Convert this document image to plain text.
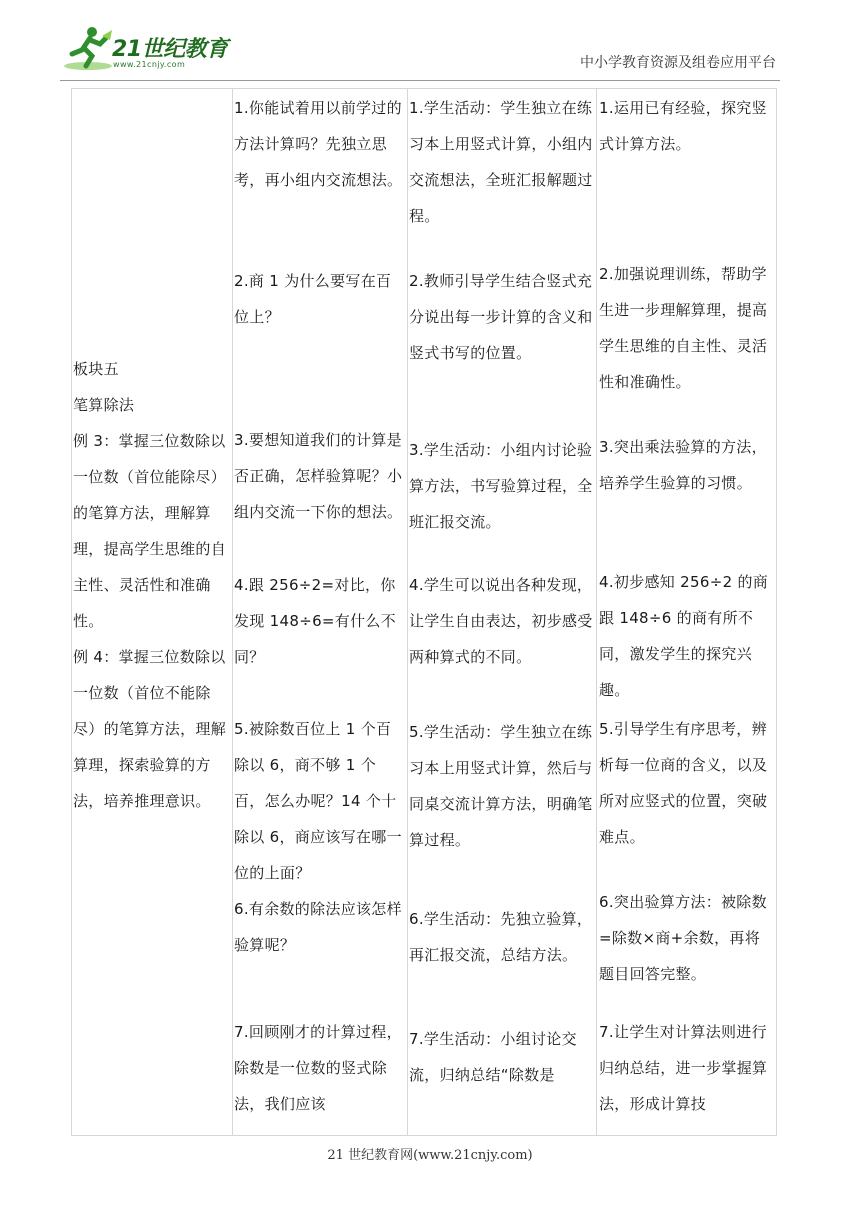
21世纪教育
www.21cnjy.com	中小学教育资源及组卷应用平台
板块五
笔算除法
例 3：掌握三位数除以一位数（首位能除尽）的笔算方法，理解算理，提高学生思维的自主性、灵活性和准确性。
例 4：掌握三位数除以一位数（首位不能除尽）的笔算方法，理解算理，探索验算的方法，培养推理意识。
1.你能试着用以前学过的方法计算吗？先独立思考，再小组内交流想法。
2.商 1 为什么要写在百位上？
3.要想知道我们的计算是否正确，怎样验算呢？小组内交流一下你的想法。
4.跟 256÷2=对比，你发现 148÷6=有什么不同？
5.被除数百位上 1 个百除以 6，商不够 1 个百，怎么办呢？14 个十除以 6，商应该写在哪一位的上面？
6.有余数的除法应该怎样验算呢？
7.回顾刚才的计算过程，除数是一位数的竖式除法，我们应该
1.学生活动：学生独立在练习本上用竖式计算，小组内交流想法，全班汇报解题过程。
2.教师引导学生结合竖式充分说出每一步计算的含义和竖式书写的位置。
3.学生活动：小组内讨论验算方法，书写验算过程，全班汇报交流。
4.学生可以说出各种发现，让学生自由表达，初步感受两种算式的不同。
5.学生活动：学生独立在练习本上用竖式计算，然后与同桌交流计算方法，明确笔算过程。
6.学生活动：先独立验算，再汇报交流，总结方法。
7.学生活动：小组讨论交流，归纳总结“除数是
1.运用已有经验，探究竖式计算方法。
2.加强说理训练，帮助学生进一步理解算理，提高学生思维的自主性、灵活性和准确性。
3.突出乘法验算的方法，培养学生验算的习惯。
4.初步感知 256÷2 的商跟 148÷6 的商有所不同，激发学生的探究兴趣。
5.引导学生有序思考，辨析每一位商的含义，以及所对应竖式的位置，突破难点。
6.突出验算方法：被除数=除数×商+余数，再将题目回答完整。
7.让学生对计算法则进行归纳总结，进一步掌握算法，形成计算技
21 世纪教育网(www.21cnjy.com)
